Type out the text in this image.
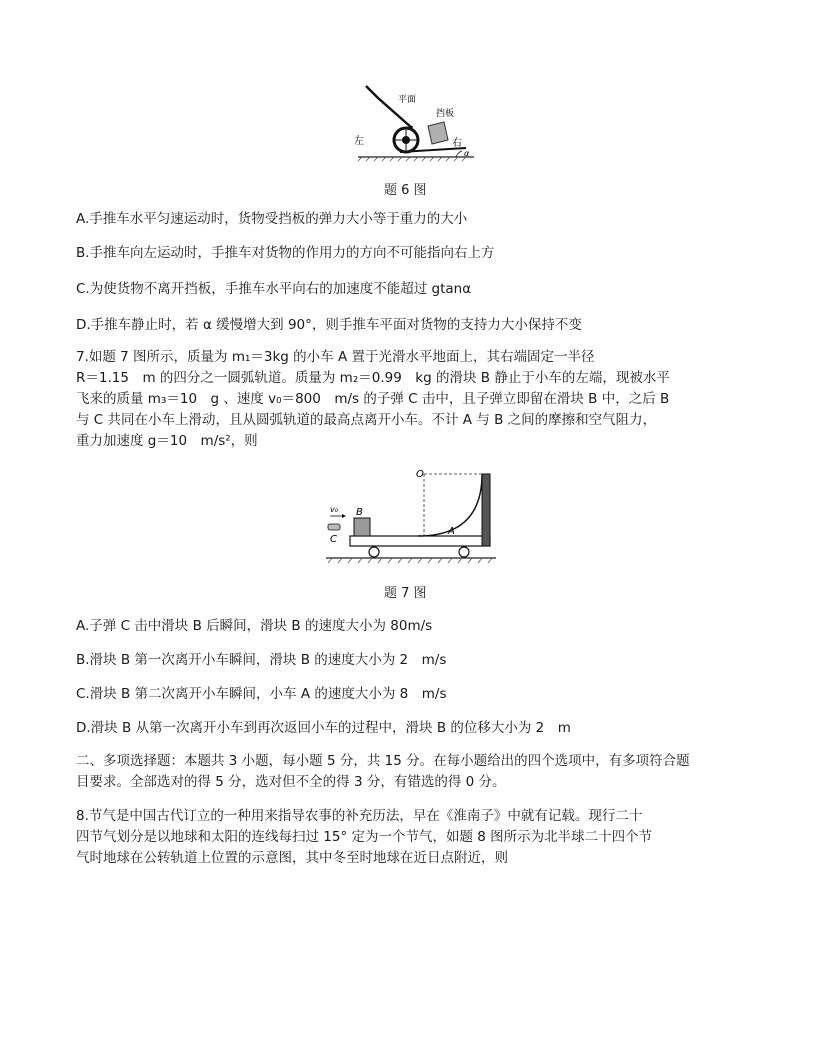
平面
挡板
左	右
α
题 6 图
A.手推车水平匀速运动时，货物受挡板的弹力大小等于重力的大小
B.手推车向左运动时，手推车对货物的作用力的方向不可能指向右上方
C.为使货物不离开挡板，手推车水平向右的加速度不能超过 gtanα
D.手推车静止时，若 α 缓慢增大到 90°，则手推车平面对货物的支持力大小保持不变
7.如题 7 图所示，质量为 m₁＝3kg 的小车 A 置于光滑水平地面上，其右端固定一半径
R＝1.15　m 的四分之一圆弧轨道。质量为 m₂＝0.99　kg 的滑块 B 静止于小车的左端，现被水平
飞来的质量 m₃＝10　g 、速度 v₀＝800　m/s 的子弹 C 击中，且子弹立即留在滑块 B 中，之后 B
与 C 共同在小车上滑动，且从圆弧轨道的最高点离开小车。不计 A 与 B 之间的摩擦和空气阻力，
重力加速度 g＝10　m/s²，则
O
B
C
A
v₀
题 7 图
A.子弹 C 击中滑块 B 后瞬间，滑块 B 的速度大小为 80m/s
B.滑块 B 第一次离开小车瞬间，滑块 B 的速度大小为 2　m/s
C.滑块 B 第二次离开小车瞬间，小车 A 的速度大小为 8　m/s
D.滑块 B 从第一次离开小车到再次返回小车的过程中，滑块 B 的位移大小为 2　m
二、多项选择题：本题共 3 小题，每小题 5 分，共 15 分。在每小题给出的四个选项中，有多项符合题
目要求。全部选对的得 5 分，选对但不全的得 3 分，有错选的得 0 分。
8.节气是中国古代订立的一种用来指导农事的补充历法，早在《淮南子》中就有记载。现行二十
四节气划分是以地球和太阳的连线每扫过 15° 定为一个节气，如题 8 图所示为北半球二十四个节
气时地球在公转轨道上位置的示意图，其中冬至时地球在近日点附近，则
